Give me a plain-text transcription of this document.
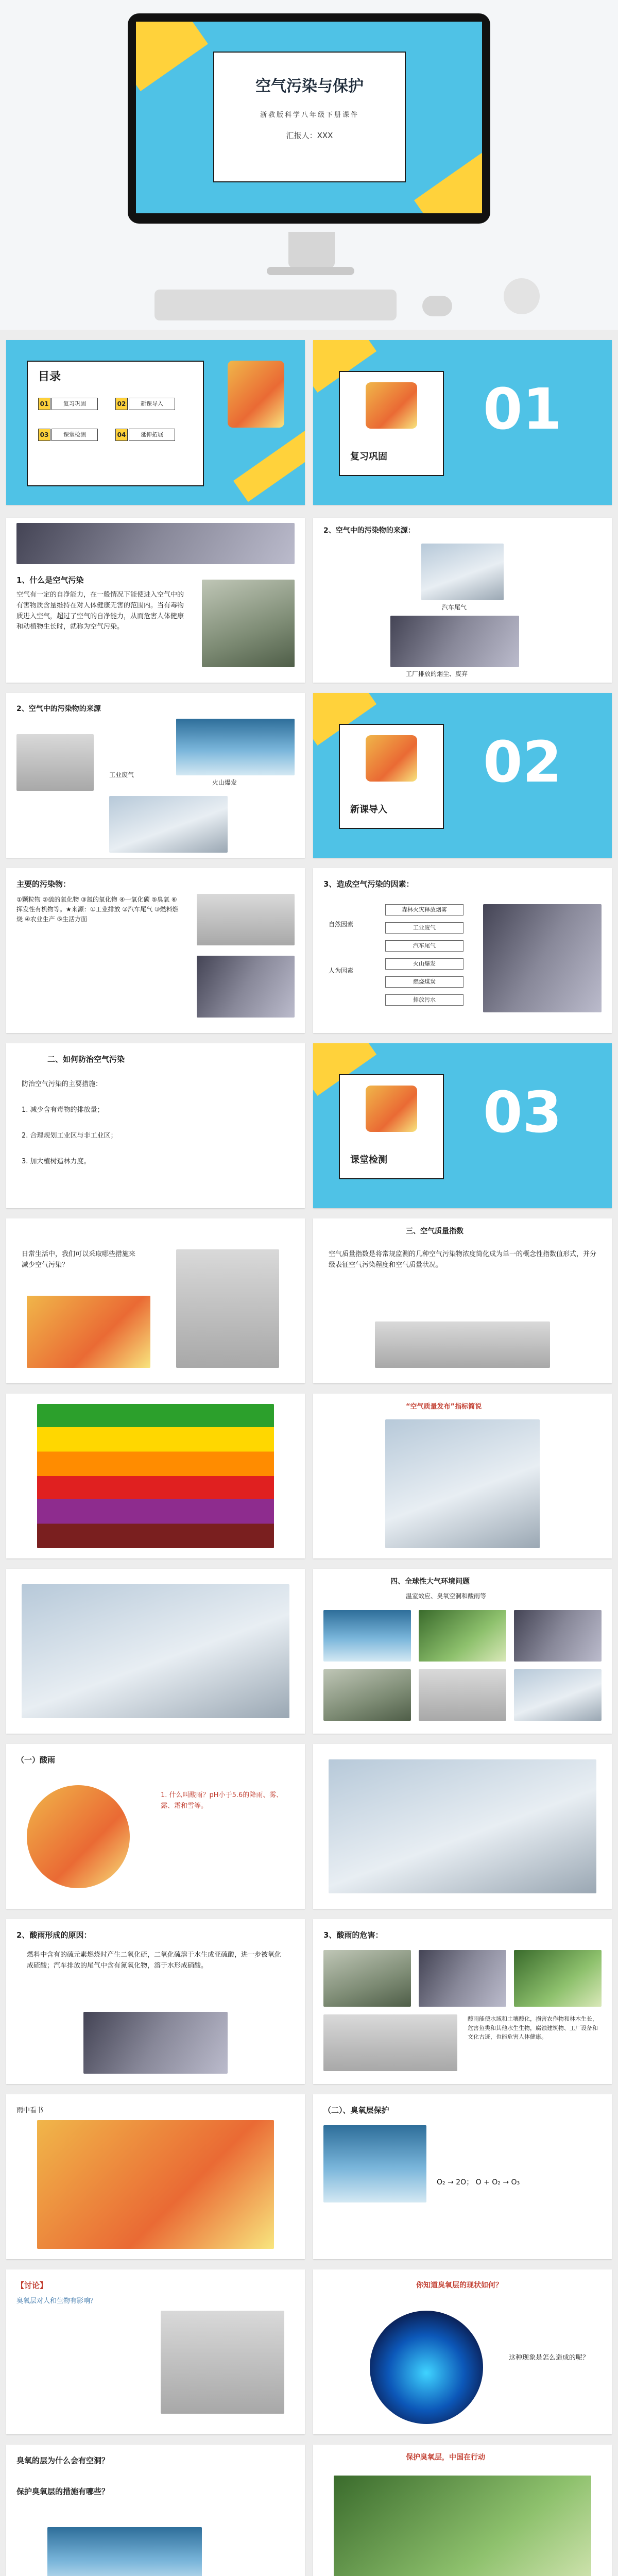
空气污染与保护
浙教版科学八年级下册课件
汇报人：XXX
目录
01	复习巩固	02	新课导入
03	课堂检测	04	延伸拓展
复习巩固
01
1、什么是空气污染
空气有一定的自净能力，在一般情况下能使进入空气中的有害物质含量维持在对人体健康无害的范围内。当有毒物质进入空气，超过了空气的自净能力，从而危害人体健康和动植物生长时，就称为空气污染。
2、空气中的污染物的来源：
汽车尾气
工厂排放的烟尘、废弃
2、空气中的污染物的来源
工业废气
火山爆发
新课导入
02
主要的污染物：
①颗粒物 ②硫的氧化物 ③氮的氧化物 ④一氧化碳 ⑤臭氧 ⑥挥发性有机物等。★来源：①工业排放 ②汽车尾气 ③燃料燃烧 ④农业生产 ⑤生活方面
3、造成空气污染的因素：
自然因素
人为因素
森林火灾释放烟雾
工业废气
汽车尾气
火山爆发
燃烧煤炭
排放污水
二、如何防治空气污染
防治空气污染的主要措施：
1. 减少含有毒物的排放量；
2. 合理规划工业区与非工业区；
3. 加大植树造林力度。	课堂检测
03
日常生活中，我们可以采取哪些措施来减少空气污染？
三、空气质量指数
空气质量指数是将常规监测的几种空气污染物浓度简化成为单一的概念性指数值形式，并分级表征空气污染程度和空气质量状况。
“空气质量发布”指标简说
四、全球性大气环境问题
温室效应、臭氧空洞和酸雨等
（一）酸雨
1. 什么叫酸雨？pH小于5.6的降雨、雾、露、霜和雪等。
2、酸雨形成的原因：
燃料中含有的硫元素燃烧时产生二氧化硫，二氧化硫溶于水生成亚硫酸，进一步被氧化成硫酸；汽车排放的尾气中含有氮氧化物，溶于水形成硝酸。
3、酸雨的危害：
酸雨能使水域和土壤酸化，损害农作物和林木生长，危害鱼类和其他水生生物，腐蚀建筑物、工厂设备和文化古迹，也能危害人体健康。
雨中看书	（二）、臭氧层保护
O₂ → 2O； O + O₂ → O₃
【讨论】
臭氧层对人和生物有影响？
你知道臭氧层的现状如何？
这种现象是怎么造成的呢？
臭氧的层为什么会有空洞？
保护臭氧层的措施有哪些？
保护臭氧层，中国在行动
